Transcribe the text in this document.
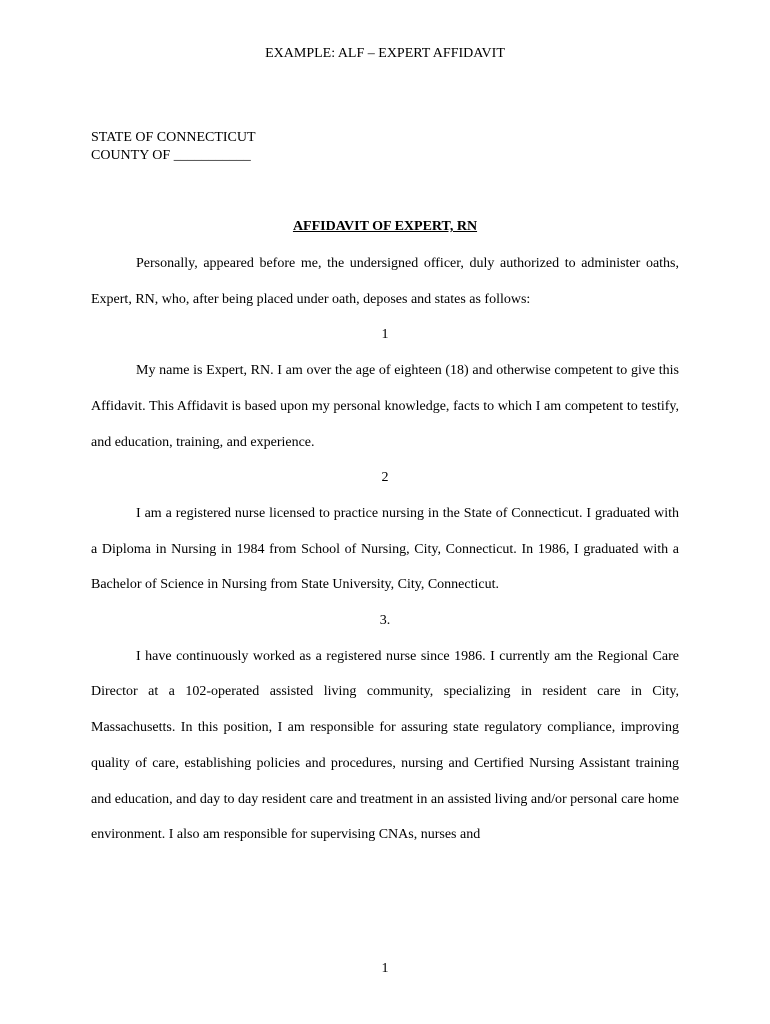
EXAMPLE: ALF – EXPERT AFFIDAVIT
STATE OF CONNECTICUT
COUNTY OF ___________
AFFIDAVIT OF EXPERT, RN

Personally, appeared before me, the undersigned officer, duly authorized to administer oaths, Expert, RN, who, after being placed under oath, deposes and states as follows:

1

My name is Expert, RN. I am over the age of eighteen (18) and otherwise competent to give this Affidavit. This Affidavit is based upon my personal knowledge, facts to which I am competent to testify, and education, training, and experience.

2

I am a registered nurse licensed to practice nursing in the State of Connecticut. I graduated with a Diploma in Nursing in 1984 from School of Nursing, City, Connecticut. In 1986, I graduated with a Bachelor of Science in Nursing from State University, City, Connecticut.

3.

I have continuously worked as a registered nurse since 1986. I currently am the Regional Care Director at a 102-operated assisted living community, specializing in resident care in City, Massachusetts. In this position, I am responsible for assuring state regulatory compliance, improving quality of care, establishing policies and procedures, nursing and Certified Nursing Assistant training and education, and day to day resident care and treatment in an assisted living and/or personal care home environment. I also am responsible for supervising CNAs, nurses and

1
